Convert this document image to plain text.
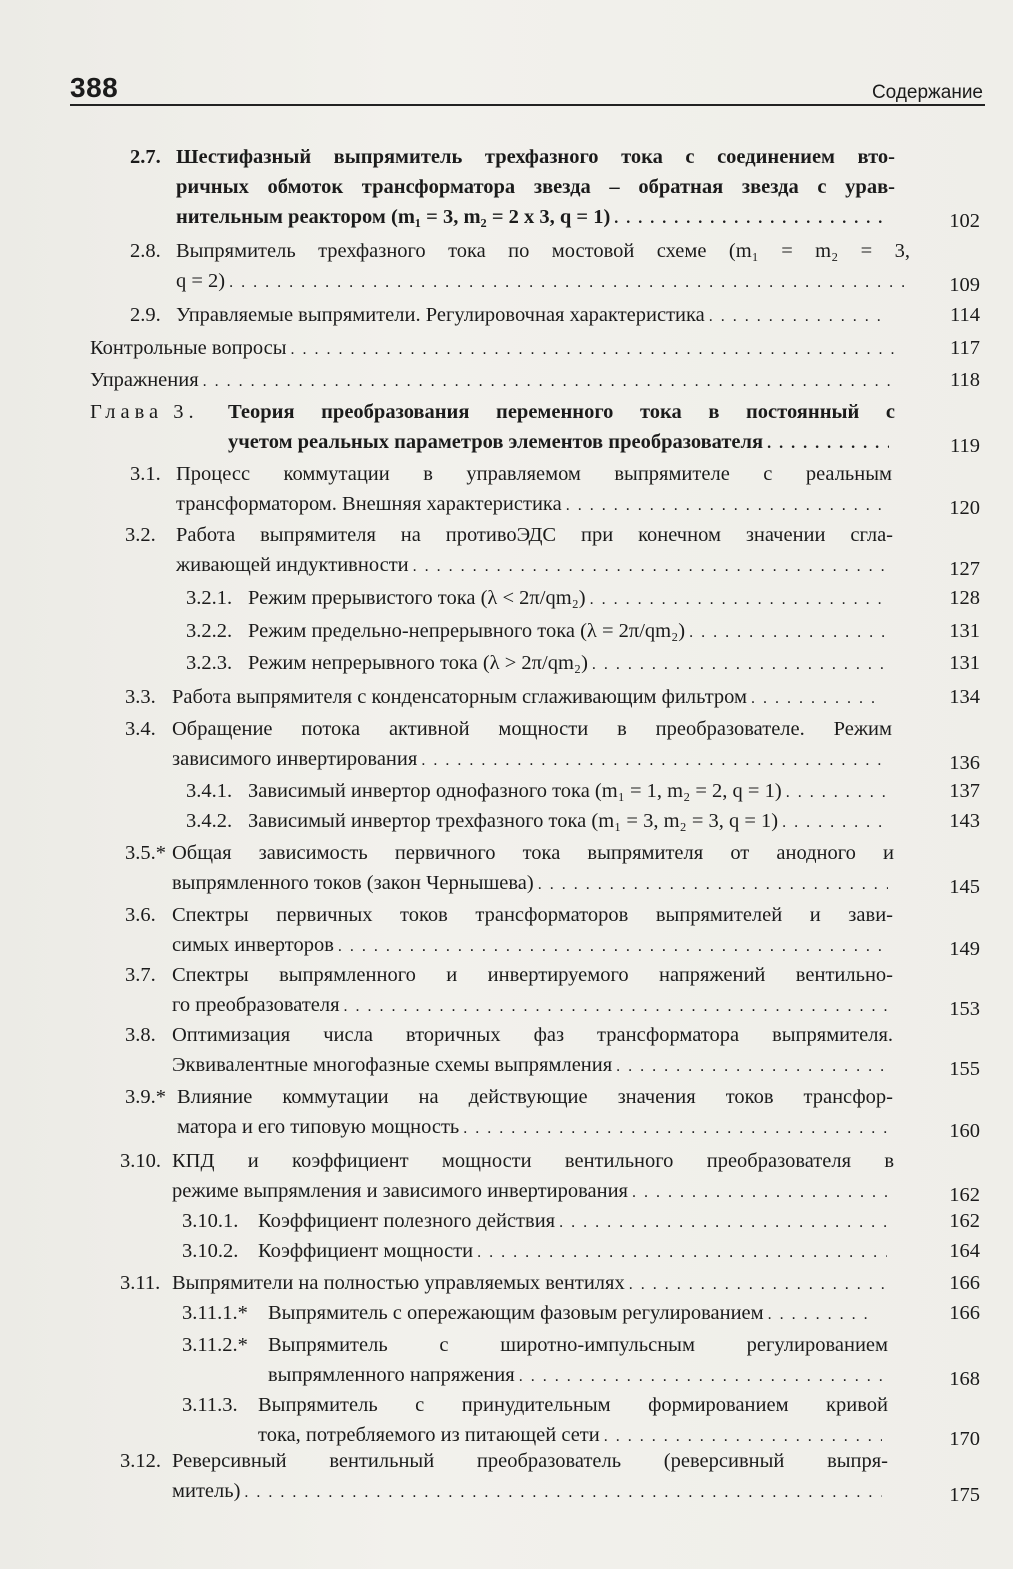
388	Содержание
2.7. Шестифазный выпрямитель трехфазного тока с соединением вто-
ричных обмоток трансформатора звезда – обратная звезда с урав-
нительным реактором (m₁ = 3, m₂ = 2 x 3, q = 1) . . .	102
2.8. Выпрямитель трехфазного тока по мостовой схеме (m₁ = m₂ = 3,
q = 2) . . .	109
2.9. Управляемые выпрямители. Регулировочная характеристика . . .	114
Контрольные вопросы . . .	117
Упражнения . . .	118
Глава 3. Теория преобразования переменного тока в постоянный с
учетом реальных параметров элементов преобразователя . . .	119
3.1. Процесс коммутации в управляемом выпрямителе с реальным
трансформатором. Внешняя характеристика . . .	120
3.2. Работа выпрямителя на противоЭДС при конечном значении сгла-
живающей индуктивности . . .	127
3.2.1. Режим прерывистого тока (λ < 2π/qm₂) . . .	128
3.2.2. Режим предельно-непрерывного тока (λ = 2π/qm₂) . . .	131
3.2.3. Режим непрерывного тока (λ > 2π/qm₂) . . .	131
3.3. Работа выпрямителя с конденсаторным сглаживающим фильтром . . .	134
3.4. Обращение потока активной мощности в преобразователе. Режим
зависимого инвертирования . . .	136
3.4.1. Зависимый инвертор однофазного тока (m₁ = 1, m₂ = 2, q = 1) . . .	137
3.4.2. Зависимый инвертор трехфазного тока (m₁ = 3, m₂ = 3, q = 1) . . .	143
3.5.* Общая зависимость первичного тока выпрямителя от анодного и
выпрямленного токов (закон Чернышева) . . .	145
3.6. Спектры первичных токов трансформаторов выпрямителей и зави-
симых инверторов . . .	149
3.7. Спектры выпрямленного и инвертируемого напряжений вентильно-
го преобразователя . . .	153
3.8. Оптимизация числа вторичных фаз трансформатора выпрямителя.
Эквивалентные многофазные схемы выпрямления . . .	155
3.9.* Влияние коммутации на действующие значения токов трансфор-
матора и его типовую мощность . . .	160
3.10. КПД и коэффициент мощности вентильного преобразователя в
режиме выпрямления и зависимого инвертирования . . .	162
3.10.1. Коэффициент полезного действия . . .	162
3.10.2. Коэффициент мощности . . .	164
3.11. Выпрямители на полностью управляемых вентилях . . .	166
3.11.1.* Выпрямитель с опережающим фазовым регулированием . . .	166
3.11.2.* Выпрямитель с широтно-импульсным регулированием
выпрямленного напряжения . . .	168
3.11.3. Выпрямитель с принудительным формированием кривой
тока, потребляемого из питающей сети . . .	170
3.12. Реверсивный вентильный преобразователь (реверсивный выпря-
митель) . . .	175
